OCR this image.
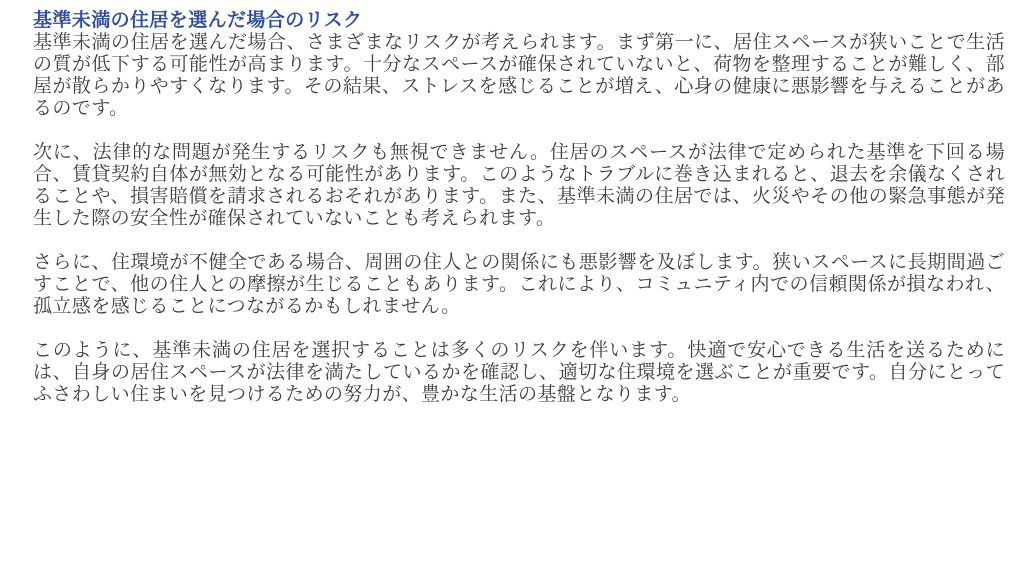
基準未満の住居を選んだ場合のリスク

基準未満の住居を選んだ場合、さまざまなリスクが考えられます。まず第一に、居住スペースが狭いことで生活の質が低下する可能性が高まります。十分なスペースが確保されていないと、荷物を整理することが難しく、部屋が散らかりやすくなります。その結果、ストレスを感じることが増え、心身の健康に悪影響を与えることがあるのです。

次に、法律的な問題が発生するリスクも無視できません。住居のスペースが法律で定められた基準を下回る場合、賃貸契約自体が無効となる可能性があります。このようなトラブルに巻き込まれると、退去を余儀なくされることや、損害賠償を請求されるおそれがあります。また、基準未満の住居では、火災やその他の緊急事態が発生した際の安全性が確保されていないことも考えられます。

さらに、住環境が不健全である場合、周囲の住人との関係にも悪影響を及ぼします。狭いスペースに長期間過ごすことで、他の住人との摩擦が生じることもあります。これにより、コミュニティ内での信頼関係が損なわれ、孤立感を感じることにつながるかもしれません。

このように、基準未満の住居を選択することは多くのリスクを伴います。快適で安心できる生活を送るためには、自身の居住スペースが法律を満たしているかを確認し、適切な住環境を選ぶことが重要です。自分にとってふさわしい住まいを見つけるための努力が、豊かな生活の基盤となります。
